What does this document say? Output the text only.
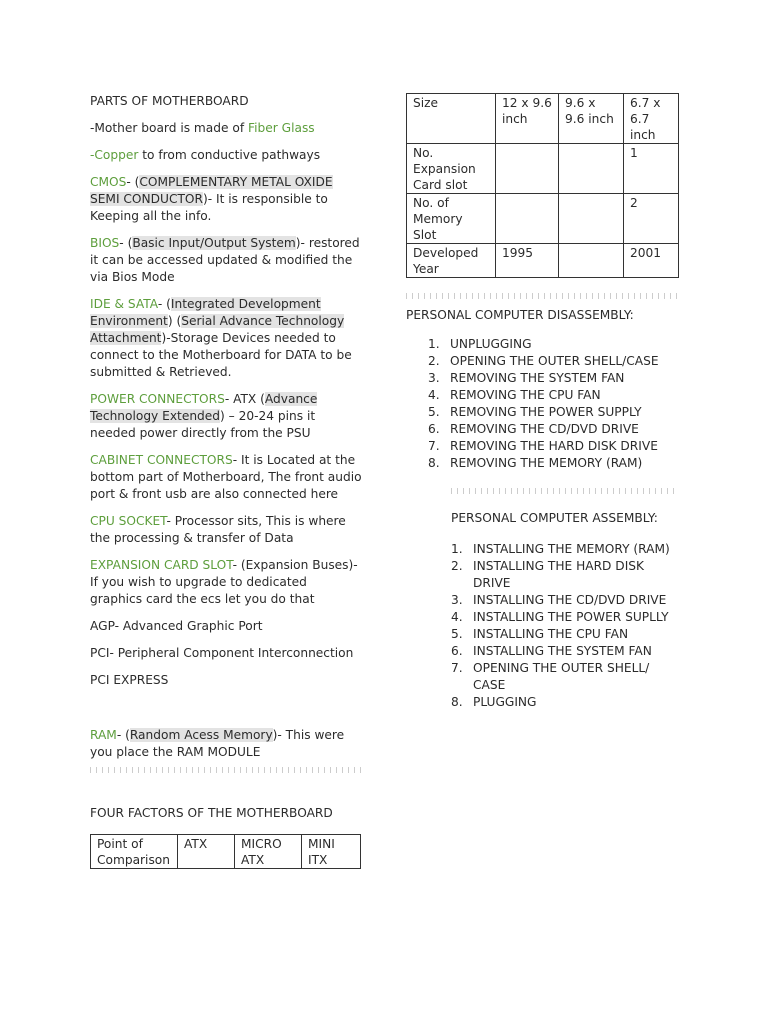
PARTS OF MOTHERBOARD

-Mother board is made of Fiber Glass

-Copper to from conductive pathways

CMOS- (COMPLEMENTARY METAL OXIDE SEMI CONDUCTOR)- It is responsible to Keeping all the info.

BIOS- (Basic Input/Output System)- restored it can be accessed updated & modified the via Bios Mode

IDE & SATA- (Integrated Development Environment) (Serial Advance Technology Attachment)-Storage Devices needed to connect to the Motherboard for DATA to be submitted & Retrieved.

POWER CONNECTORS- ATX (Advance Technology Extended) – 20-24 pins it needed power directly from the PSU

CABINET CONNECTORS- It is Located at the bottom part of Motherboard, The front audio port & front usb are also connected here

CPU SOCKET- Processor sits, This is where the processing & transfer of Data

EXPANSION CARD SLOT- (Expansion Buses)- If you wish to upgrade to dedicated graphics card the ecs let you do that

AGP- Advanced Graphic Port

PCI- Peripheral Component Interconnection

PCI EXPRESS

RAM- (Random Acess Memory)- This were you place the RAM MODULE

FOUR FACTORS OF THE MOTHERBOARD

Point of Comparison	ATX	MICRO ATX	MINI ITX
Size	12 x 9.6 inch	9.6 x 9.6 inch	6.7 x 6.7 inch
No. Expansion Card slot			1
No. of Memory Slot			2
Developed Year	1995		2001

PERSONAL COMPUTER DISASSEMBLY:

1. UNPLUGGING
2. OPENING THE OUTER SHELL/CASE
3. REMOVING THE SYSTEM FAN
4. REMOVING THE CPU FAN
5. REMOVING THE POWER SUPPLY
6. REMOVING THE CD/DVD DRIVE
7. REMOVING THE HARD DISK DRIVE
8. REMOVING THE MEMORY (RAM)

PERSONAL COMPUTER ASSEMBLY:

1. INSTALLING THE MEMORY (RAM)
2. INSTALLING THE HARD DISK DRIVE
3. INSTALLING THE CD/DVD DRIVE
4. INSTALLING THE POWER SUPLLY
5. INSTALLING THE CPU FAN
6. INSTALLING THE SYSTEM FAN
7. OPENING THE OUTER SHELL/ CASE
8. PLUGGING
